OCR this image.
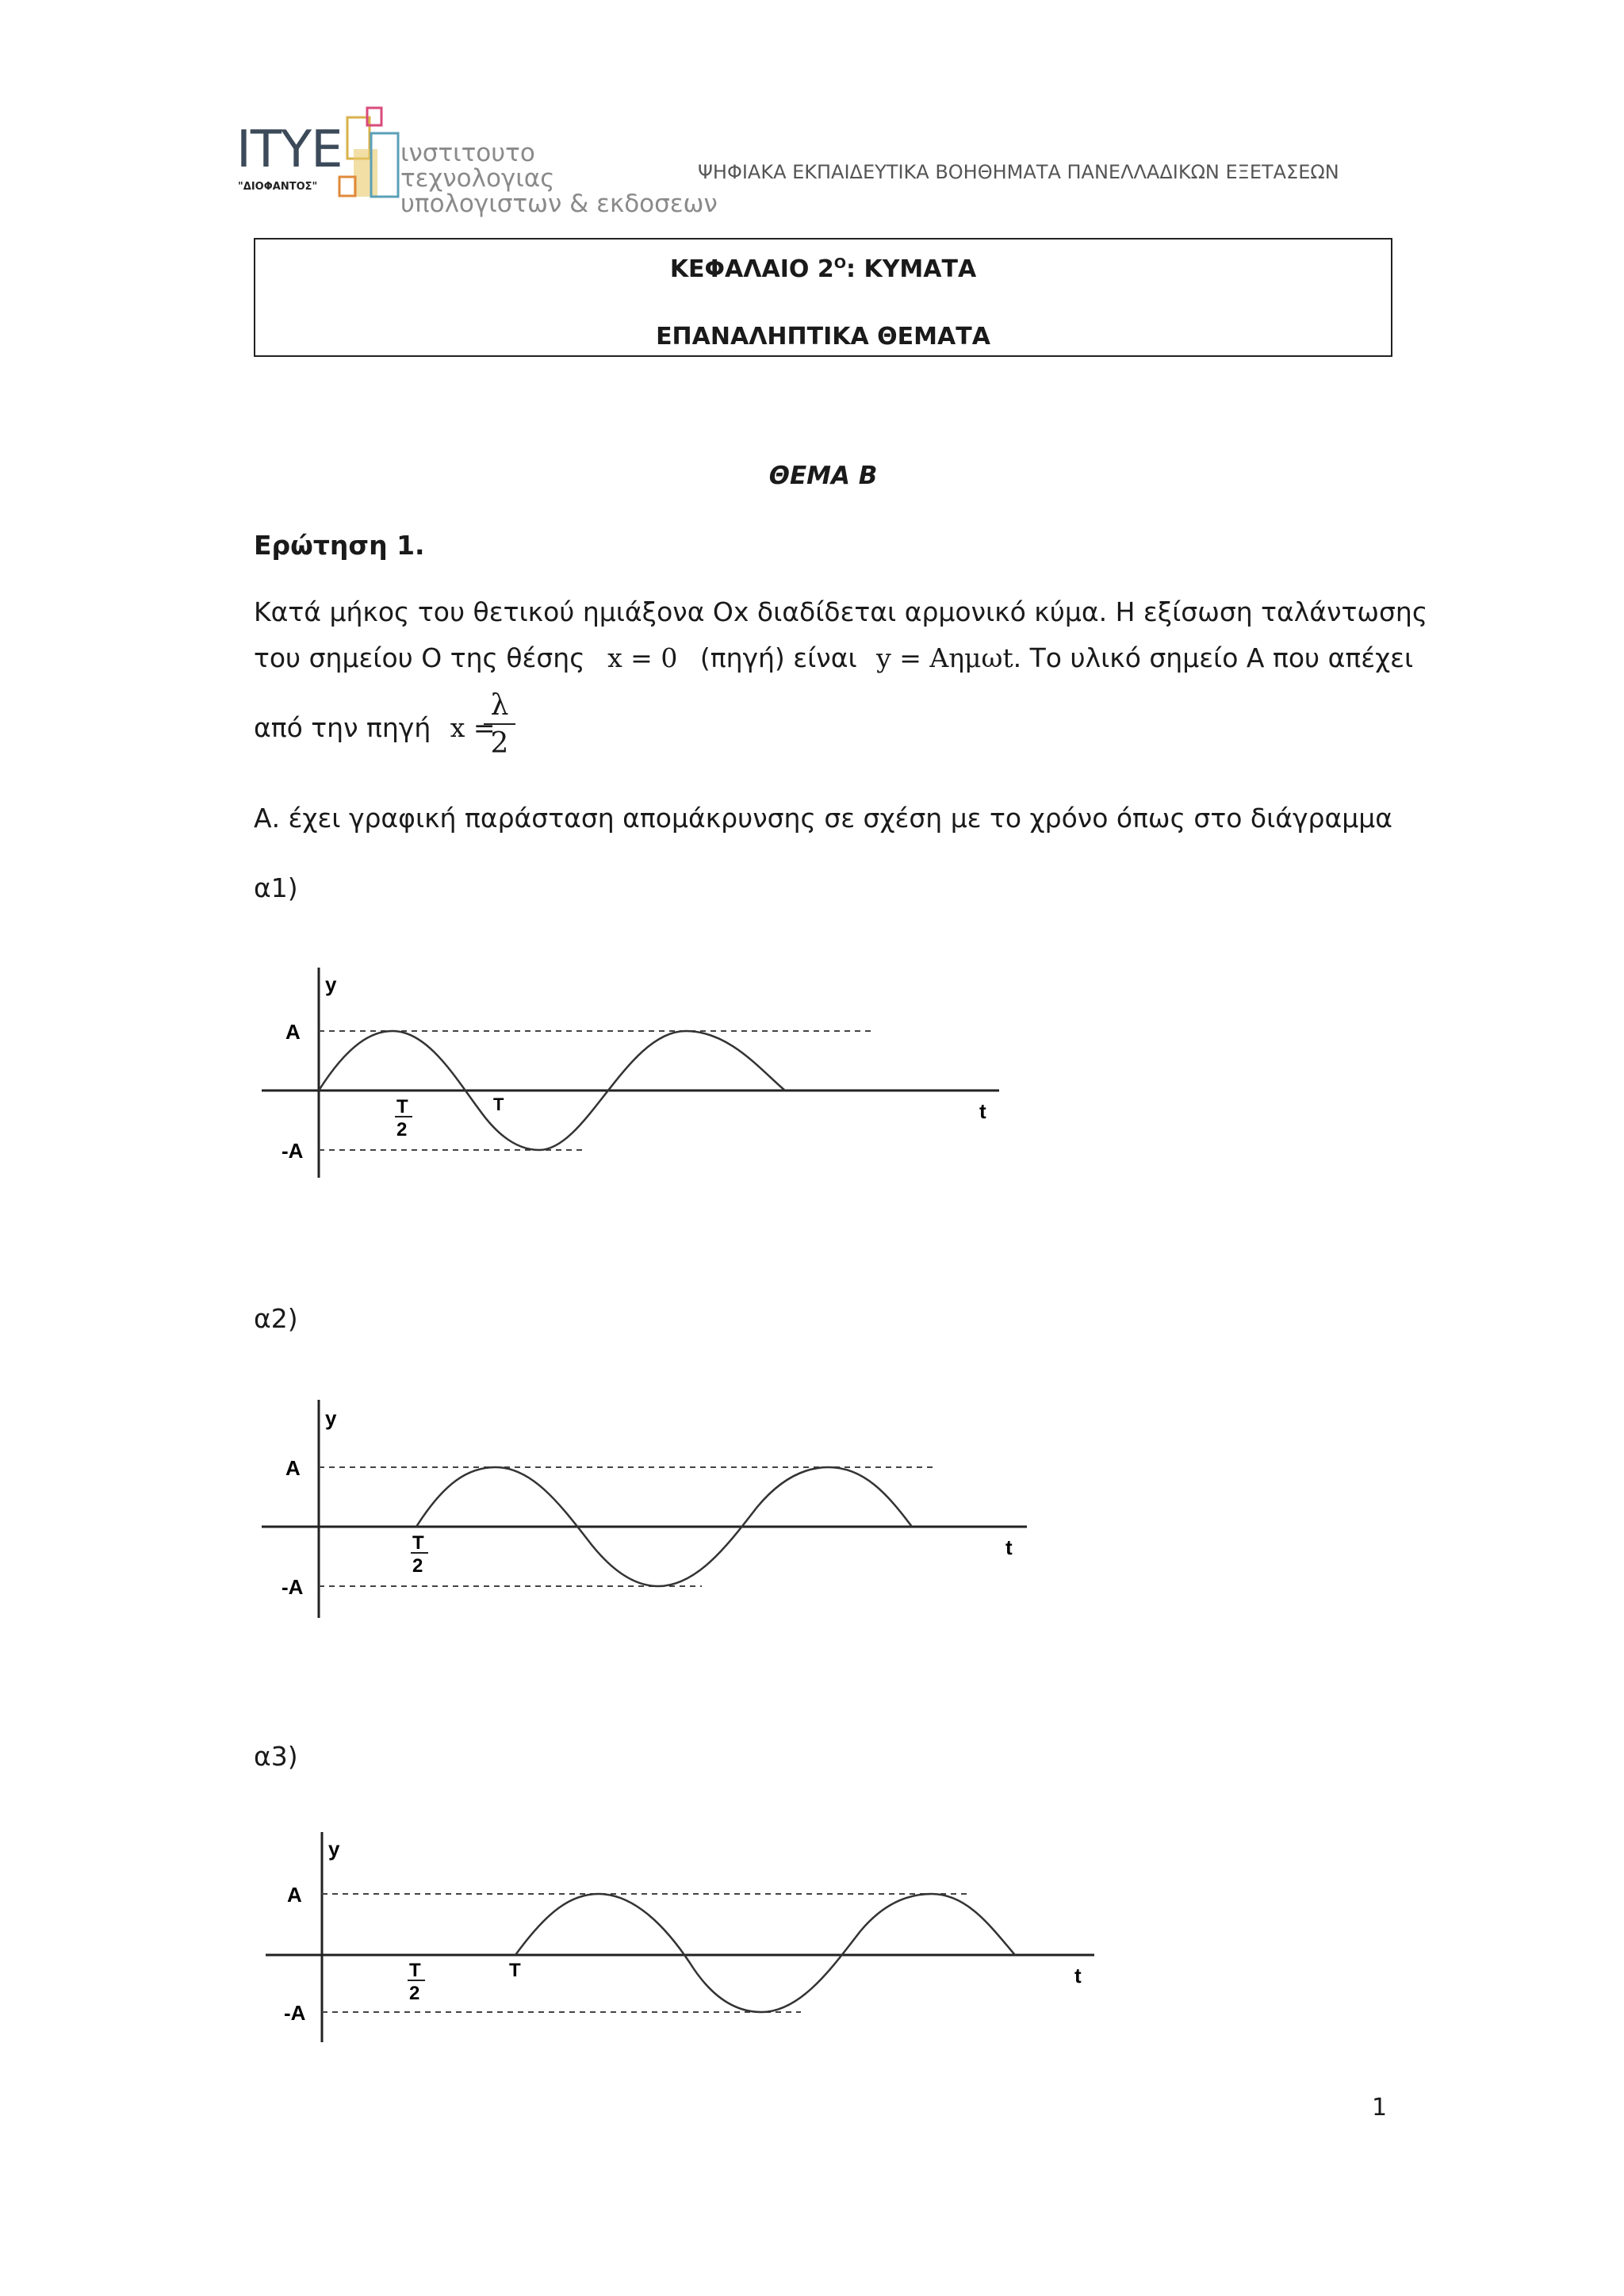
ΙΤΥΕ
"ΔΙΟΦΑΝΤΟΣ"
ινστιτουτο
τεχνολογιας
υπολογιστων & εκδοσεων
ΨΗΦΙΑΚΑ ΕΚΠΑΙΔΕΥΤΙΚΑ ΒΟΗΘΗΜΑΤΑ ΠΑΝΕΛΛΑΔΙΚΩΝ ΕΞΕΤΑΣΕΩΝ
ΚΕΦΑΛΑΙΟ $2^O$: ΚΥΜΑΤΑ
ΕΠΑΝΑΛΗΠΤΙΚΑ ΘΕΜΑΤΑ
ΘΕΜΑ Β
Ερώτηση 1.
Κατά μήκος του θετικού ημιάξονα Οx διαδίδεται αρμονικό κύμα. Η εξίσωση ταλάντωσης
του σημείου Ο της θέσης x = 0 (πηγή) είναι y = Αημωt. Το υλικό σημείο Α που απέχει
από την πηγή x =
$\frac{\lambda}{2}$
Α. έχει γραφική παράσταση απομάκρυνσης σε σχέση με το χρόνο όπως στο διάγραμμα
α1)
α2)
α3)
y
A
-A
t
T
2
T
y
A
-A
t
T
2
y
A
-A
t
T
2
T
1
